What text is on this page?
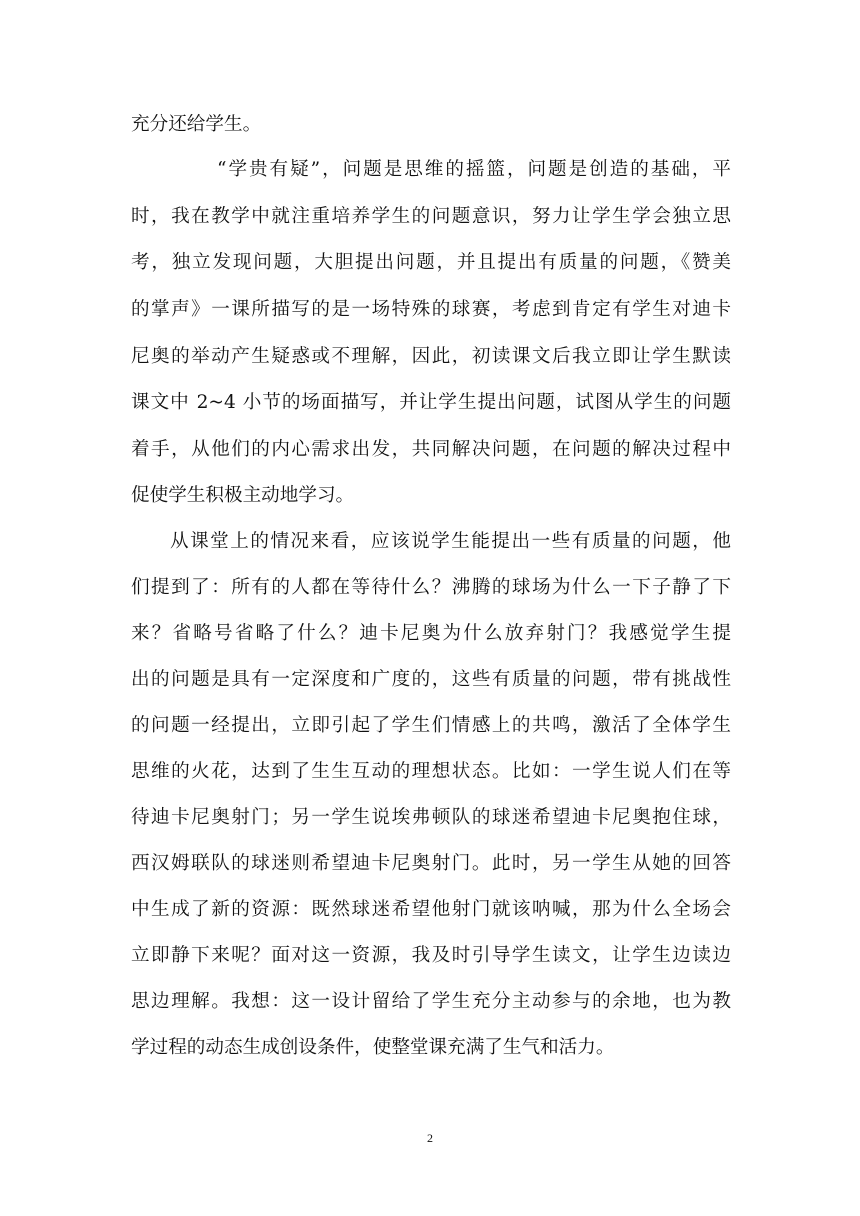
充分还给学生。
“学贵有疑”，问题是思维的摇篮，问题是创造的基础，平
时，我在教学中就注重培养学生的问题意识，努力让学生学会独立思
考，独立发现问题，大胆提出问题，并且提出有质量的问题，《赞美
的掌声》一课所描写的是一场特殊的球赛，考虑到肯定有学生对迪卡
尼奥的举动产生疑惑或不理解，因此，初读课文后我立即让学生默读
课文中 2~4 小节的场面描写，并让学生提出问题，试图从学生的问题
着手，从他们的内心需求出发，共同解决问题，在问题的解决过程中
促使学生积极主动地学习。
从课堂上的情况来看，应该说学生能提出一些有质量的问题，他
们提到了：所有的人都在等待什么？沸腾的球场为什么一下子静了下
来？省略号省略了什么？迪卡尼奥为什么放弃射门？我感觉学生提
出的问题是具有一定深度和广度的，这些有质量的问题，带有挑战性
的问题一经提出，立即引起了学生们情感上的共鸣，激活了全体学生
思维的火花，达到了生生互动的理想状态。比如：一学生说人们在等
待迪卡尼奥射门；另一学生说埃弗顿队的球迷希望迪卡尼奥抱住球，
西汉姆联队的球迷则希望迪卡尼奥射门。此时，另一学生从她的回答
中生成了新的资源：既然球迷希望他射门就该呐喊，那为什么全场会
立即静下来呢？面对这一资源，我及时引导学生读文，让学生边读边
思边理解。我想：这一设计留给了学生充分主动参与的余地，也为教
学过程的动态生成创设条件，使整堂课充满了生气和活力。
2
